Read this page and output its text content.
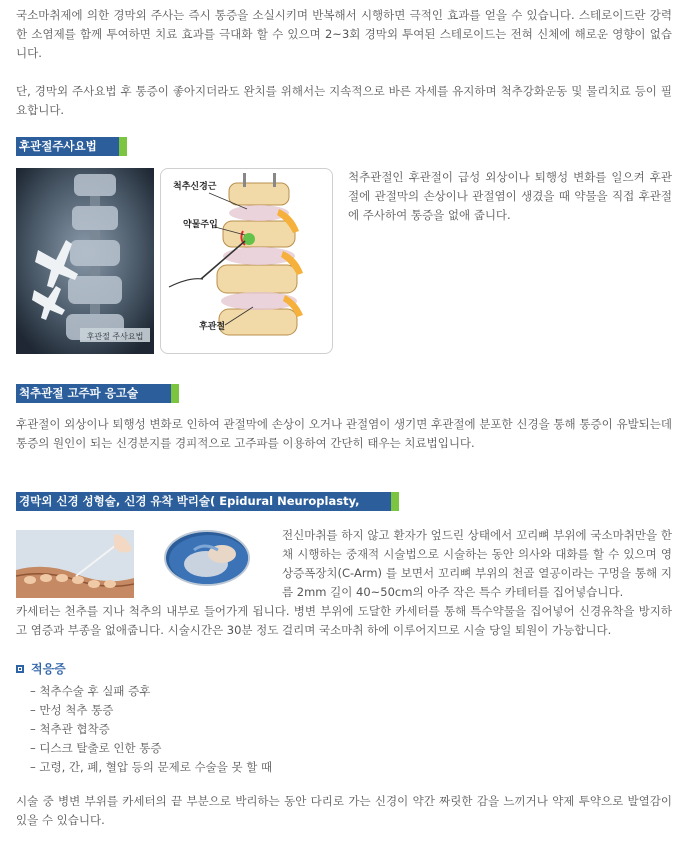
국소마취제에 의한 경막외 주사는 즉시 통증을 소실시키며 반복해서 시행하면 극적인 효과를 얻을 수 있습니다. 스테로이드란 강력한 소염제를 함께 투여하면 치료 효과를 극대화 할 수 있으며 2~3회 경막외 투여된 스테로이드는 전혀 신체에 해로운 영향이 없습니다.

단, 경막외 주사요법 후 통증이 좋아지더라도 완치를 위해서는 지속적으로 바른 자세를 유지하며 척추강화운동 및 물리치료 등이 필요합니다.

후관절주사요법
후관절 주사요법
척추신경근
약물주입
후관절

척추관절인 후관절이 급성 외상이나 퇴행성 변화를 일으켜 후관절에 관절막의 손상이나 관절염이 생겼을 때 약물을 직접 후관절에 주사하여 통증을 없애 줍니다.

척추관절 고주파 응고술

후관절이 외상이나 퇴행성 변화로 인하여 관절막에 손상이 오거나 관절염이 생기면 후관절에 분포한 신경을 통해 통증이 유발되는데 통증의 원인이 되는 신경분지를 경피적으로 고주파를 이용하여 간단히 태우는 치료법입니다.

경막외 신경 성형술, 신경 유착 박리술( Epidural Neuroplasty, Neurolysis)

전신마취를 하지 않고 환자가 엎드린 상태에서 꼬리뼈 부위에 국소마취만을 한채 시행하는 중재적 시술법으로 시술하는 동안 의사와 대화를 할 수 있으며 영상증폭장치(C-Arm) 를 보면서 꼬리뼈 부위의 천골 열공이라는 구멍을 통해 지름 2mm 길이 40~50cm의 아주 작은 특수 카테터를 집어넣습니다.

카세터는 천추를 지나 척추의 내부로 들어가게 됩니다. 병변 부위에 도달한 카세터를 통해 특수약물을 집어넣어 신경유착을 방지하고 염증과 부종을 없애줍니다. 시술시간은 30분 정도 걸리며 국소마취 하에 이루어지므로 시술 당일 퇴원이 가능합니다.

적응증
– 척추수술 후 실패 증후
– 만성 척추 통증
– 척추관 협착증
– 디스크 탈출로 인한 통증
– 고령, 간, 폐, 혈압 등의 문제로 수술을 못 할 때

시술 중 병변 부위를 카세터의 끝 부분으로 박리하는 동안 다리로 가는 신경이 약간 짜릿한 감을 느끼거나 약제 투약으로 발열감이 있을 수 있습니다.
